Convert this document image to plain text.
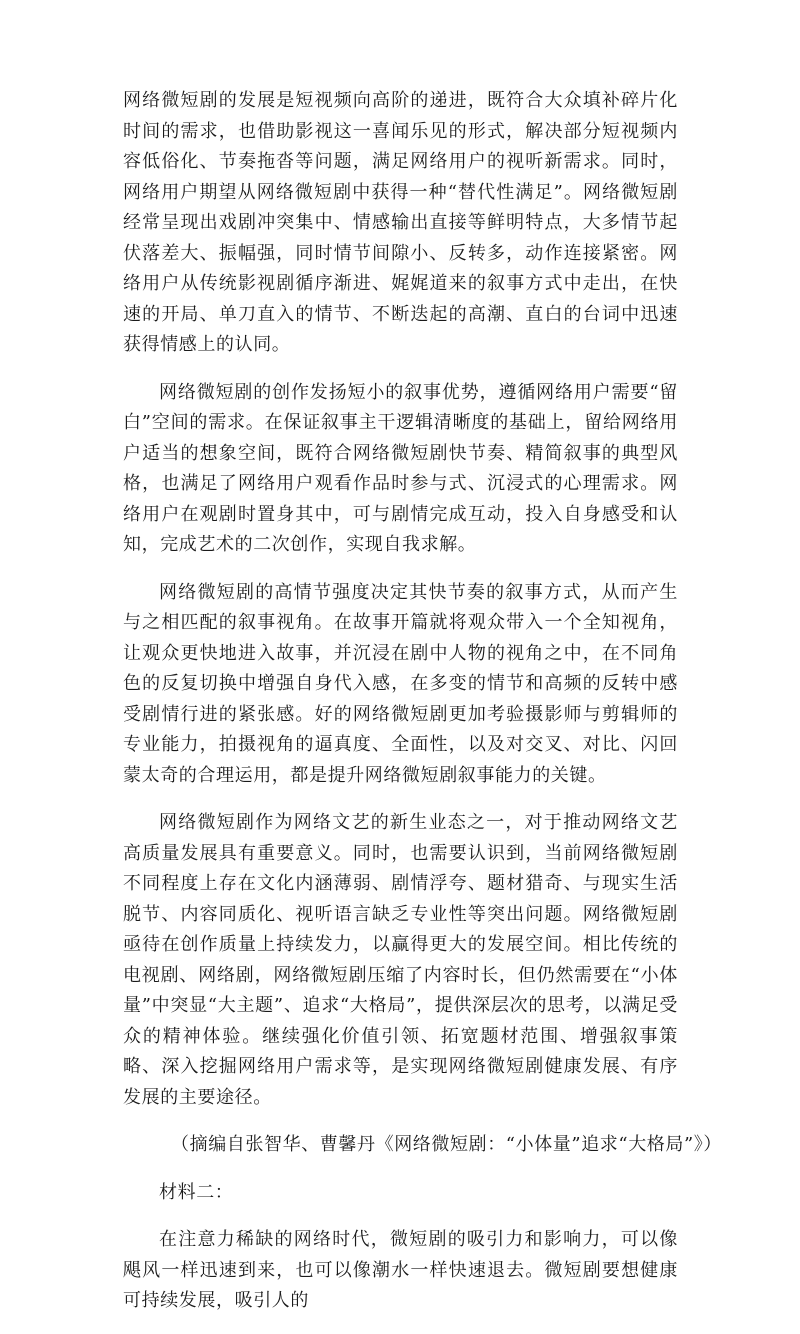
网络微短剧的发展是短视频向高阶的递进，既符合大众填补碎片化时间的需求，也借助影视这一喜闻乐见的形式，解决部分短视频内容低俗化、节奏拖沓等问题，满足网络用户的视听新需求。同时，网络用户期望从网络微短剧中获得一种“替代性满足”。网络微短剧经常呈现出戏剧冲突集中、情感输出直接等鲜明特点，大多情节起伏落差大、振幅强，同时情节间隙小、反转多，动作连接紧密。网络用户从传统影视剧循序渐进、娓娓道来的叙事方式中走出，在快速的开局、单刀直入的情节、不断迭起的高潮、直白的台词中迅速获得情感上的认同。

网络微短剧的创作发扬短小的叙事优势，遵循网络用户需要“留白”空间的需求。在保证叙事主干逻辑清晰度的基础上，留给网络用户适当的想象空间，既符合网络微短剧快节奏、精简叙事的典型风格，也满足了网络用户观看作品时参与式、沉浸式的心理需求。网络用户在观剧时置身其中，可与剧情完成互动，投入自身感受和认知，完成艺术的二次创作，实现自我求解。

网络微短剧的高情节强度决定其快节奏的叙事方式，从而产生与之相匹配的叙事视角。在故事开篇就将观众带入一个全知视角，让观众更快地进入故事，并沉浸在剧中人物的视角之中，在不同角色的反复切换中增强自身代入感，在多变的情节和高频的反转中感受剧情行进的紧张感。好的网络微短剧更加考验摄影师与剪辑师的专业能力，拍摄视角的逼真度、全面性，以及对交叉、对比、闪回蒙太奇的合理运用，都是提升网络微短剧叙事能力的关键。

网络微短剧作为网络文艺的新生业态之一，对于推动网络文艺高质量发展具有重要意义。同时，也需要认识到，当前网络微短剧不同程度上存在文化内涵薄弱、剧情浮夸、题材猎奇、与现实生活脱节、内容同质化、视听语言缺乏专业性等突出问题。网络微短剧亟待在创作质量上持续发力，以赢得更大的发展空间。相比传统的电视剧、网络剧，网络微短剧压缩了内容时长，但仍然需要在“小体量”中突显“大主题”、追求“大格局”，提供深层次的思考，以满足受众的精神体验。继续强化价值引领、拓宽题材范围、增强叙事策略、深入挖掘网络用户需求等，是实现网络微短剧健康发展、有序发展的主要途径。

（摘编自张智华、曹馨丹《网络微短剧：“小体量”追求“大格局”》）

材料二：

在注意力稀缺的网络时代，微短剧的吸引力和影响力，可以像飓风一样迅速到来，也可以像潮水一样快速退去。微短剧要想健康可持续发展，吸引人的
